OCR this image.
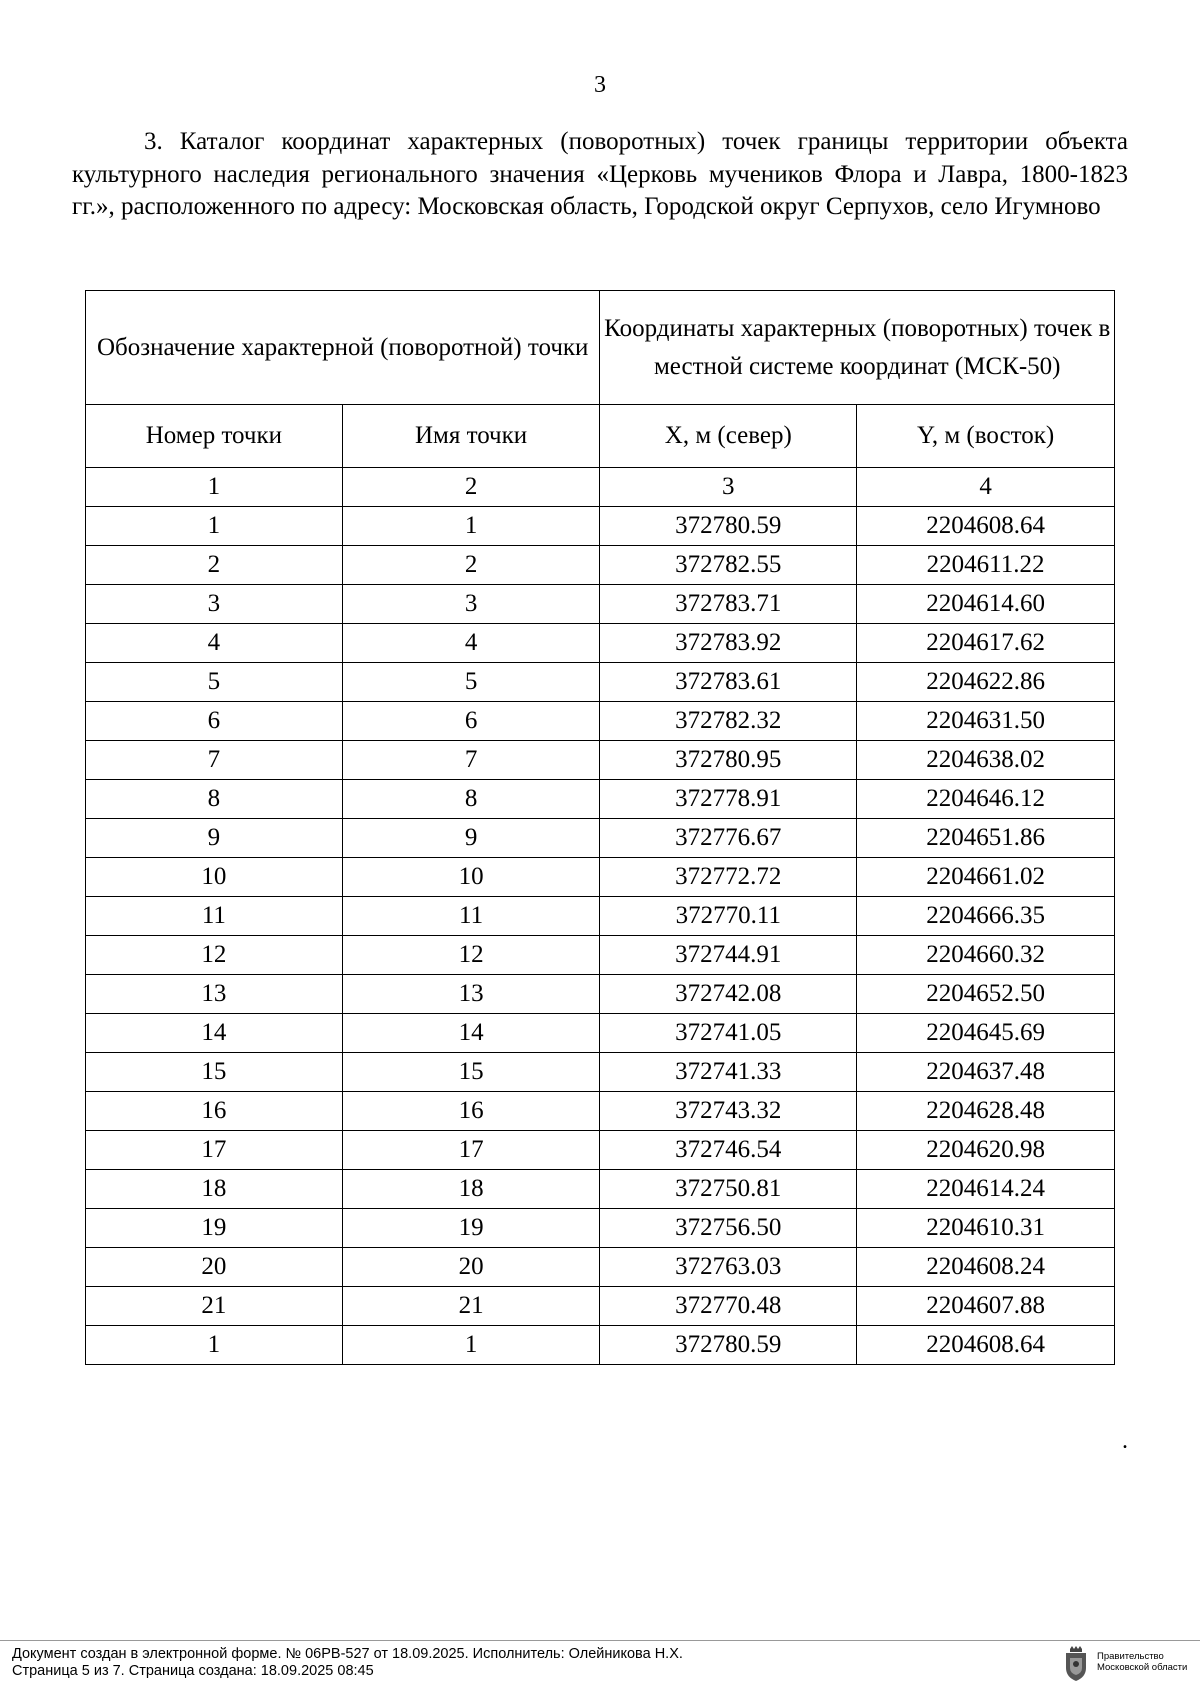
3
3. Каталог координат характерных (поворотных) точек границы территории объекта культурного наследия регионального значения «Церковь мучеников Флора и Лавра, 1800-1823 гг.», расположенного по адресу: Московская область, Городской округ Серпухов, село Игумново
Обозначение характерной (поворотной) точки		Координаты характерных (поворотных) точек в местной системе координат (МСК-50)	
Номер точки	Имя точки	X, м (север)	Y, м (восток)
1	2	3	4
1	1	372780.59	2204608.64
2	2	372782.55	2204611.22
3	3	372783.71	2204614.60
4	4	372783.92	2204617.62
5	5	372783.61	2204622.86
6	6	372782.32	2204631.50
7	7	372780.95	2204638.02
8	8	372778.91	2204646.12
9	9	372776.67	2204651.86
10	10	372772.72	2204661.02
11	11	372770.11	2204666.35
12	12	372744.91	2204660.32
13	13	372742.08	2204652.50
14	14	372741.05	2204645.69
15	15	372741.33	2204637.48
16	16	372743.32	2204628.48
17	17	372746.54	2204620.98
18	18	372750.81	2204614.24
19	19	372756.50	2204610.31
20	20	372763.03	2204608.24
21	21	372770.48	2204607.88
1	1	372780.59	2204608.64
.
Документ создан в электронной форме. № 06РВ-527 от 18.09.2025. Исполнитель: Олейникова Н.Х.
Страница 5 из 7. Страница создана: 18.09.2025 08:45
Правительство
Московской области
